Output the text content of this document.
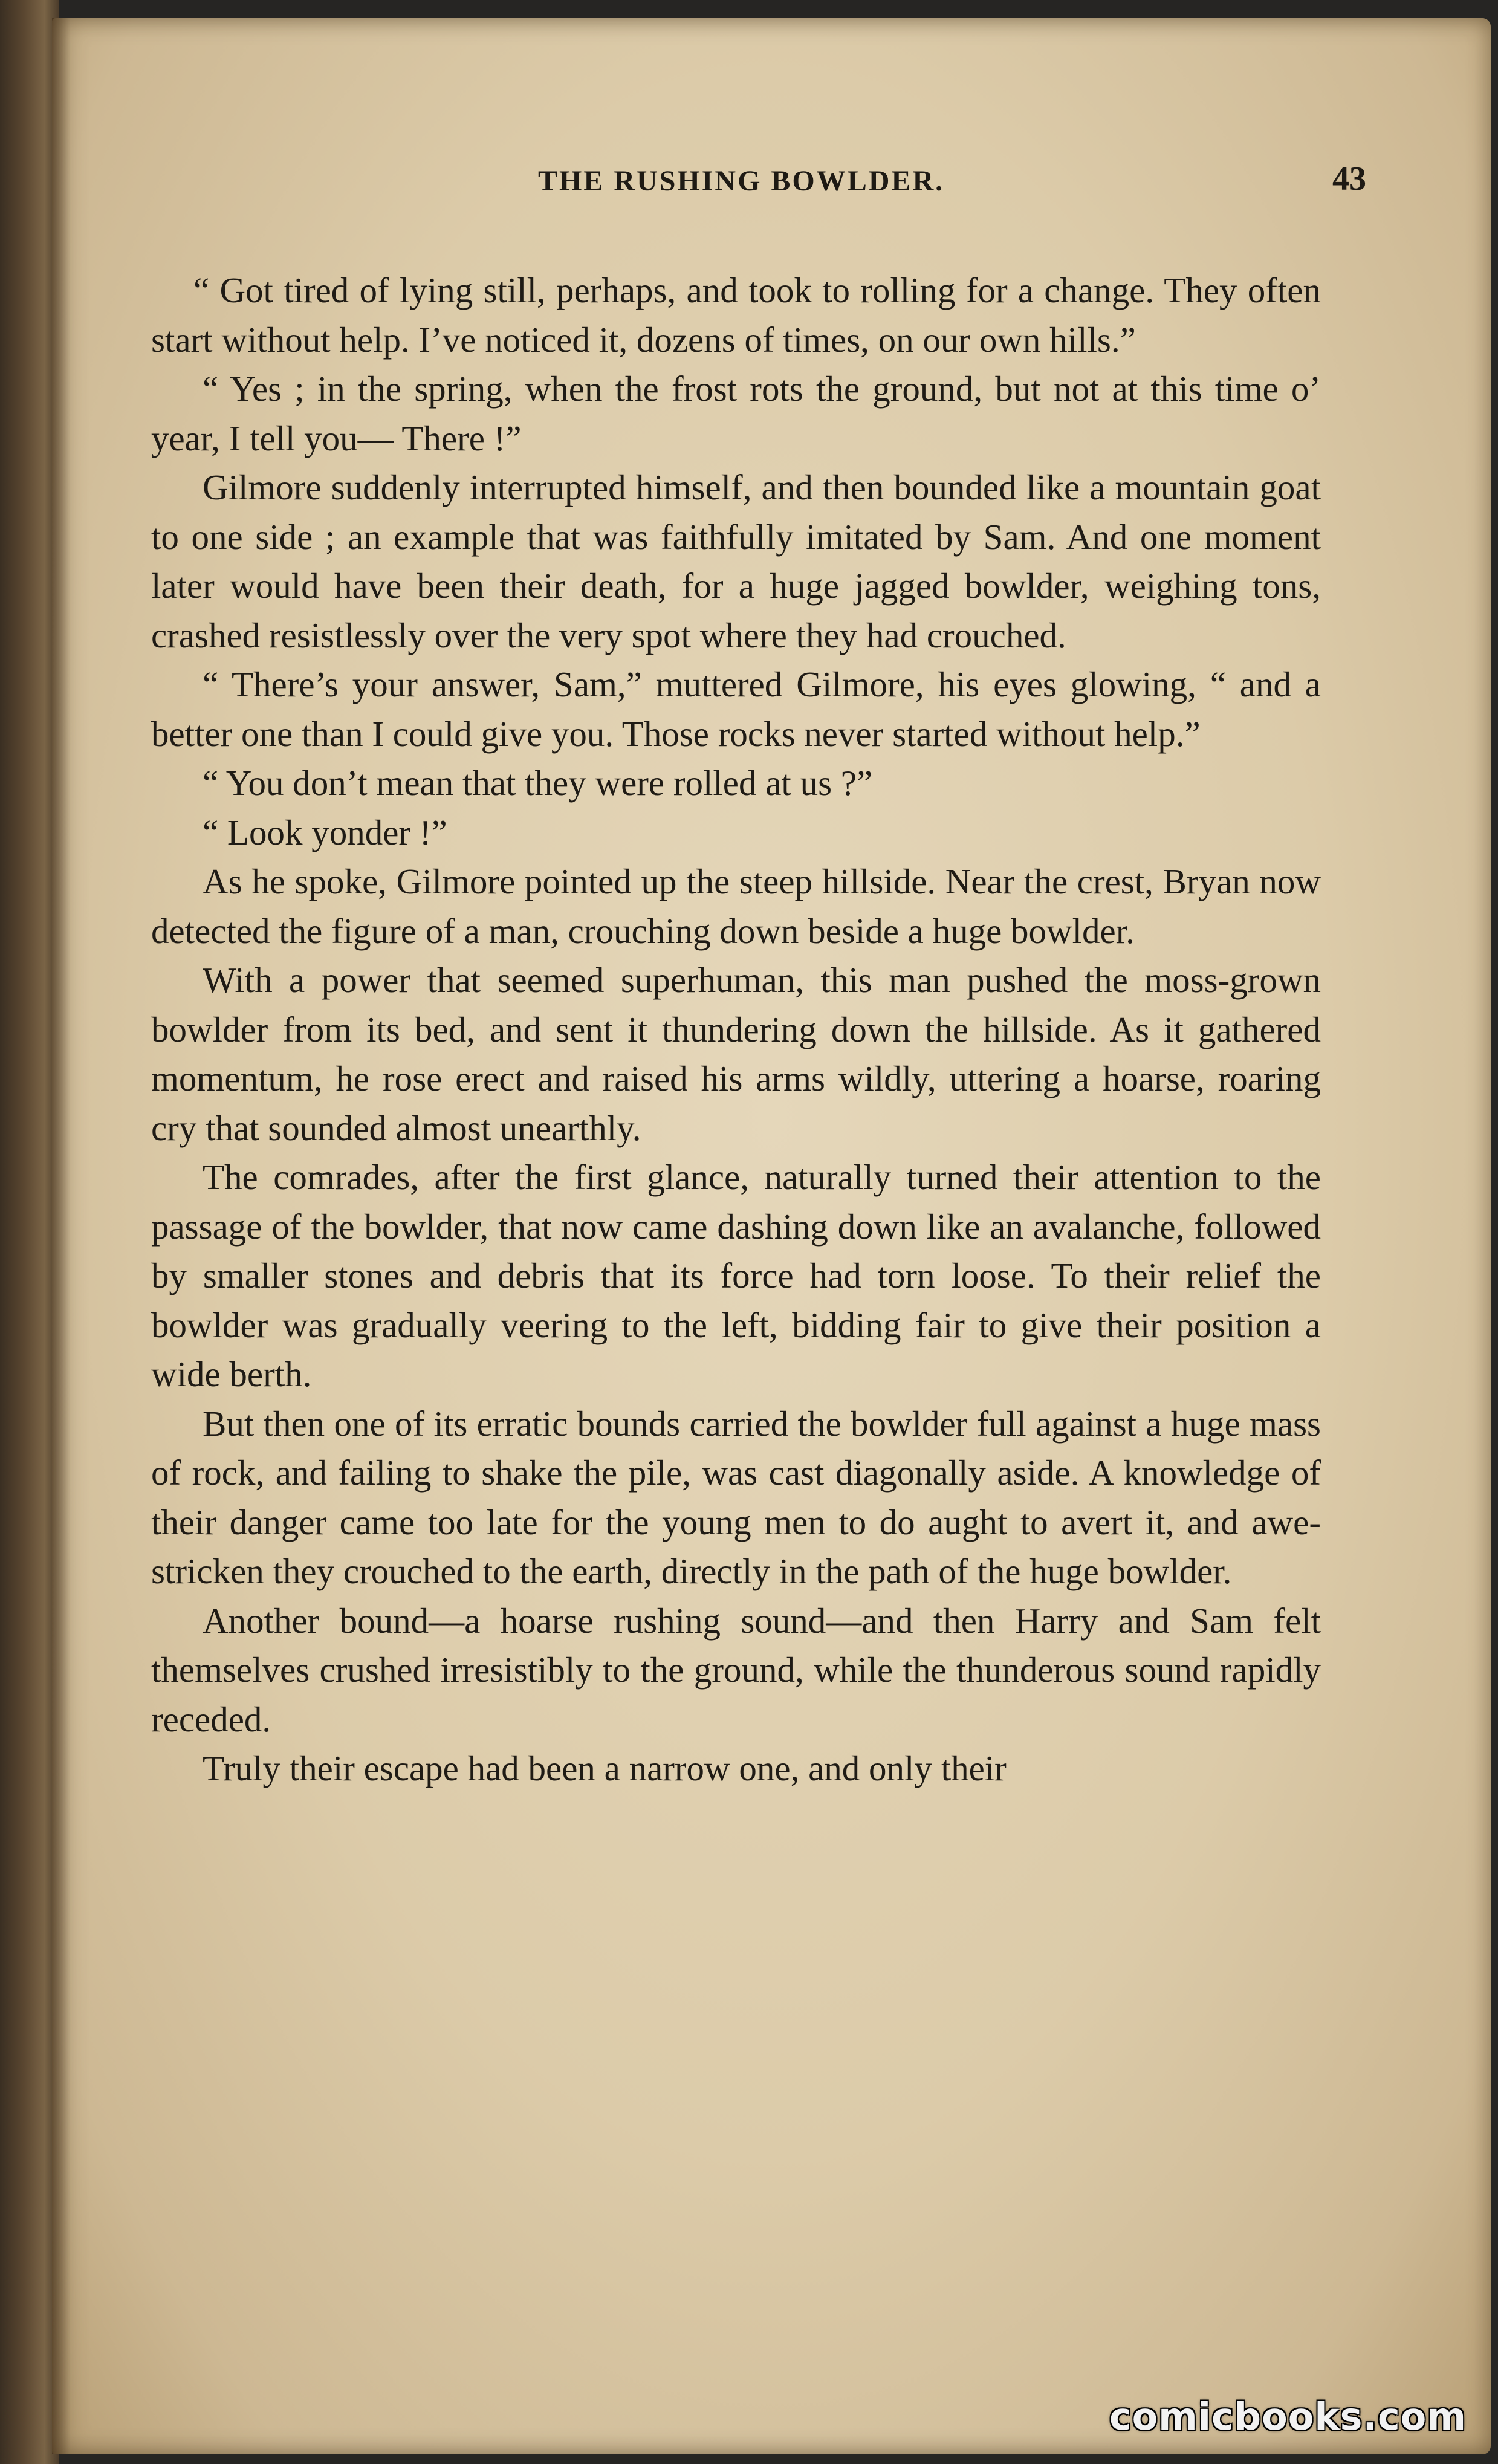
THE RUSHING BOWLDER.	43

“ Got tired of lying still, perhaps, and took to rolling for a change. They often start without help. I’ve noticed it, dozens of times, on our own hills.”

“ Yes ; in the spring, when the frost rots the ground, but not at this time o’ year, I tell you— There !”

Gilmore suddenly interrupted himself, and then bounded like a mountain goat to one side ; an example that was faithfully imitated by Sam. And one moment later would have been their death, for a huge jagged bowlder, weighing tons, crashed resistlessly over the very spot where they had crouched.

“ There’s your answer, Sam,” muttered Gilmore, his eyes glowing, “ and a better one than I could give you. Those rocks never started without help.”

“ You don’t mean that they were rolled at us ?”

“ Look yonder !”

As he spoke, Gilmore pointed up the steep hillside. Near the crest, Bryan now detected the figure of a man, crouching down beside a huge bowlder.

With a power that seemed superhuman, this man pushed the moss-grown bowlder from its bed, and sent it thundering down the hillside. As it gathered momentum, he rose erect and raised his arms wildly, uttering a hoarse, roaring cry that sounded almost unearthly.

The comrades, after the first glance, naturally turned their attention to the passage of the bowlder, that now came dashing down like an avalanche, followed by smaller stones and debris that its force had torn loose. To their relief the bowlder was gradually veering to the left, bidding fair to give their position a wide berth.

But then one of its erratic bounds carried the bowlder full against a huge mass of rock, and failing to shake the pile, was cast diagonally aside. A knowledge of their danger came too late for the young men to do aught to avert it, and awe-stricken they crouched to the earth, directly in the path of the huge bowlder.

Another bound—a hoarse rushing sound—and then Harry and Sam felt themselves crushed irresistibly to the ground, while the thunderous sound rapidly receded.

Truly their escape had been a narrow one, and only their

comicbooks.com
